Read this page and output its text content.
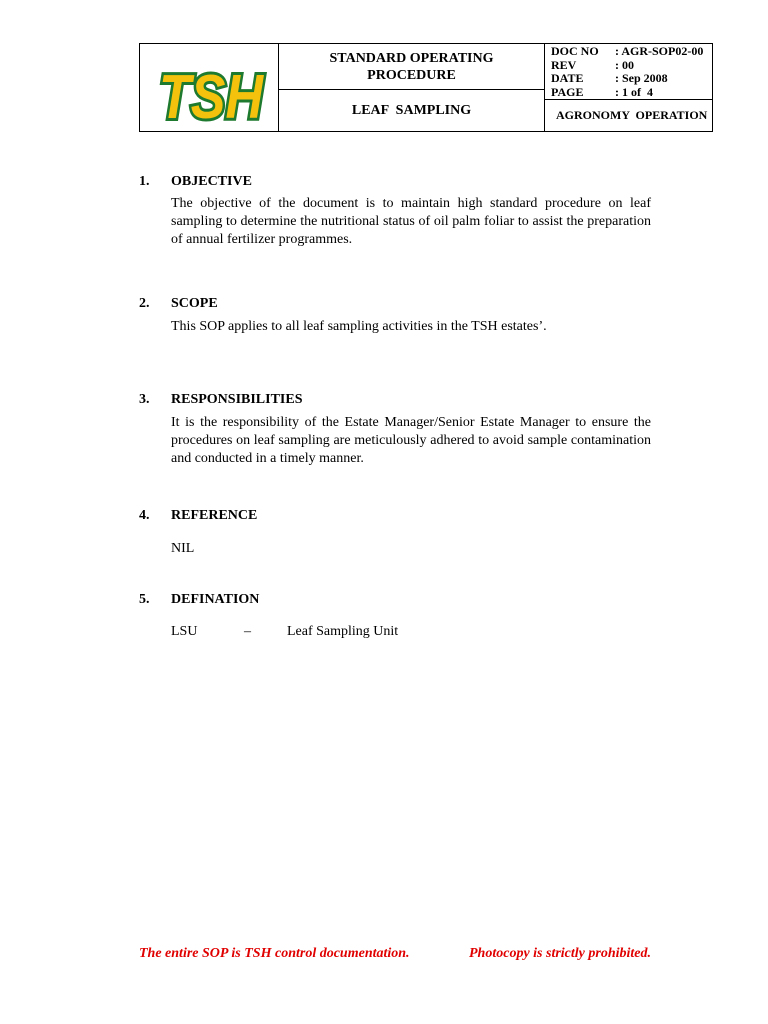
TSH
TSH
STANDARD OPERATING
PROCEDURE
LEAF  SAMPLING
DOC NO	: AGR-SOP02-00
REV	: 00
DATE	: Sep 2008
PAGE	: 1 of  4
AGRONOMY  OPERATION
1.	OBJECTIVE
The objective of the document is to maintain high standard procedure on leaf sampling to determine the nutritional status of oil palm foliar to assist the preparation of annual fertilizer programmes.
2.	SCOPE
This SOP applies to all leaf sampling activities in the TSH estates’.
3.	RESPONSIBILITIES
It is the responsibility of the Estate Manager/Senior Estate Manager to ensure the procedures on leaf sampling are meticulously adhered to avoid sample contamination and conducted in a timely manner.
4.	REFERENCE
NIL
5.	DEFINATION
LSU	–	Leaf Sampling Unit
The entire SOP is TSH control documentation.	Photocopy is strictly prohibited.
